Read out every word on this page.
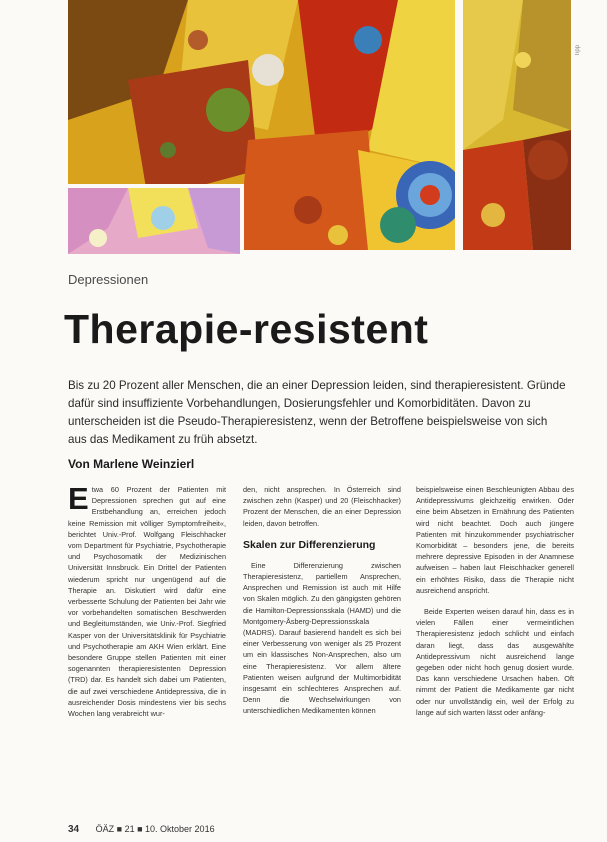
Tipp
Depressionen
Therapie-resistent
Bis zu 20 Prozent aller Menschen, die an einer Depression leiden, sind therapieresistent. Gründe dafür sind insuffiziente Vorbehandlungen, Dosierungsfehler und Komorbiditäten. Davon zu unterscheiden ist die Pseudo-Therapieresistenz, wenn der Betroffene beispielsweise von sich aus das Medikament zu früh absetzt.
Von Marlene Weinzierl

Etwa 60 Prozent der Patienten mit Depressionen sprechen gut auf eine Erstbehandlung an, erreichen jedoch keine Remission mit völliger Symptomfreiheit«, berichtet Univ.-Prof. Wolfgang Fleischhacker vom Department für Psychiatrie, Psychotherapie und Psychosomatik der Medizinischen Universität Innsbruck. Ein Drittel der Patienten wiederum spricht nur ungenügend auf die Therapie an. Diskutiert wird dafür eine verbesserte Schulung der Patienten bei Jahr wie vor vorbehandelten somatischen Beschwerden und Begleitumständen, wie Univ.-Prof. Siegfried Kasper von der Universitätsklinik für Psychiatrie und Psychotherapie am AKH Wien erklärt. Eine besondere Gruppe stellen Patienten mit einer sogenannten therapieresistenten Depression (TRD) dar. Es handelt sich dabei um Patienten, die auf zwei verschiedene Antidepressiva, die in ausreichender Dosis mindestens vier bis sechs Wochen lang verabreicht wur-

den, nicht ansprechen. In Österreich sind zwischen zehn (Kasper) und 20 (Fleischhacker) Prozent der Menschen, die an einer Depression leiden, davon betroffen.

Skalen zur Differenzierung

Eine Differenzierung zwischen Therapieresistenz, partiellem Ansprechen, Ansprechen und Remission ist auch mit Hilfe von Skalen möglich. Zu den gängigsten gehören die Hamilton-Depressionsskala (HAMD) und die Montgomery-Åsberg-Depressionsskala (MADRS). Darauf basierend handelt es sich bei einer Verbesserung von weniger als 25 Prozent um ein klassisches Non-Ansprechen, also um eine Therapieresistenz. Vor allem ältere Patienten weisen aufgrund der Multimorbidität insgesamt ein schlechteres Ansprechen auf. Denn die Wechselwirkungen von unterschiedlichen Medikamenten können

beispielsweise einen Beschleunigten Abbau des Antidepressivums gleichzeitig erwirken. Oder eine beim Absetzen in Ernährung des Patienten wird nicht beachtet. Doch auch jüngere Patienten mit hinzukommender psychiatrischer Komorbidität – besonders jene, die bereits mehrere depressive Episoden in der Anamnese aufweisen – haben laut Fleischhacker generell ein erhöhtes Risiko, dass die Therapie nicht ausreichend anspricht.

Beide Experten weisen darauf hin, dass es in vielen Fällen einer vermeintlichen Therapieresistenz jedoch schlicht und einfach daran liegt, dass das ausgewählte Antidepressivum nicht ausreichend lange gegeben oder nicht hoch genug dosiert wurde. Das kann verschiedene Ursachen haben. Oft nimmt der Patient die Medikamente gar nicht oder nur unvollständig ein, weil der Erfolg zu lange auf sich warten lässt oder anfäng-

34 ÖÄZ ■ 21 ■ 10. Oktober 2016
